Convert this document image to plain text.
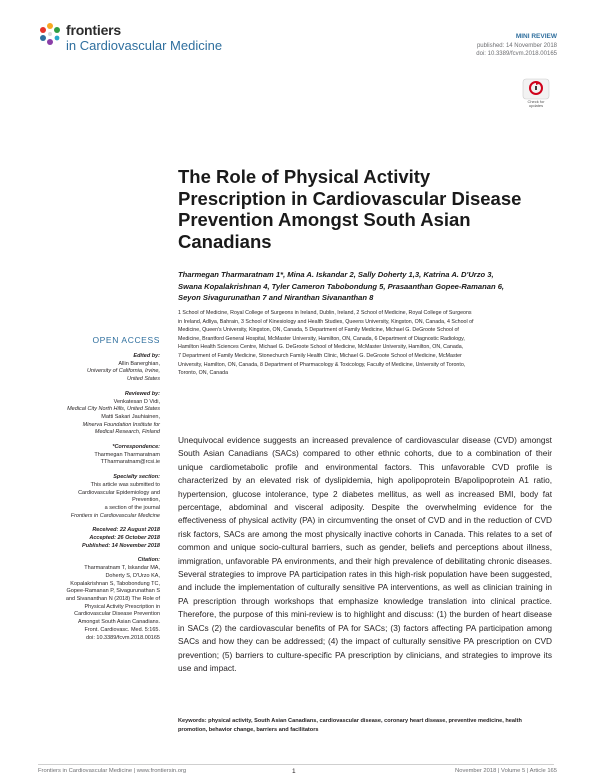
frontiers
in Cardiovascular Medicine
MINI REVIEW
published: 14 November 2018
doi: 10.3389/fcvm.2018.00165
Check for
updates
The Role of Physical Activity Prescription in Cardiovascular Disease Prevention Amongst South Asian Canadians
Tharmegan Tharmaratnam 1*, Mina A. Iskandar 2, Sally Doherty 1,3, Katrina A. D'Urzo 3,
Swana Kopalakrishnan 4, Tyler Cameron Tabobondung 5, Prasaanthan Gopee-Ramanan 6,
Seyon Sivagurunathan 7 and Niranthan Sivananthan 8
1 School of Medicine, Royal College of Surgeons in Ireland, Dublin, Ireland, 2 School of Medicine, Royal College of Surgeons
in Ireland, Adliya, Bahrain, 3 School of Kinesiology and Health Studies, Queens University, Kingston, ON, Canada, 4 School of
Medicine, Queen's University, Kingston, ON, Canada, 5 Department of Family Medicine, Michael G. DeGroote School of
Medicine, Brantford General Hospital, McMaster University, Hamilton, ON, Canada, 6 Department of Diagnostic Radiology,
Hamilton Health Sciences Centre, Michael G. DeGroote School of Medicine, McMaster University, Hamilton, ON, Canada,
7 Department of Family Medicine, Stonechurch Family Health Clinic, Michael G. DeGroote School of Medicine, McMaster
University, Hamilton, ON, Canada, 8 Department of Pharmacology & Toxicology, Faculty of Medicine, University of Toronto,
Toronto, ON, Canada
OPEN ACCESS
Edited by:
Allin Banerghian,
University of California, Irvine,
United States
Reviewed by:
Venkatesan D Vidi,
Medical City North Hills, United States
Matti Sakari Jauhiainen,
Minerva Foundation Institute for
Medical Research, Finland
*Correspondence:
Tharmegan Tharmaratnam
TTharmaratnam@rcsi.ie
Specialty section:
This article was submitted to
Cardiovascular Epidemiology and
Prevention,
a section of the journal
Frontiers in Cardiovascular Medicine
Received: 22 August 2018
Accepted: 26 October 2018
Published: 14 November 2018
Citation:
Tharmaratnam T, Iskandar MA,
Doherty S, D'Urzo KA,
Kopalakrishnan S, Tabobondung TC,
Gopee-Ramanan P, Sivagurunathan S
and Sivananthan N (2018) The Role of
Physical Activity Prescription in
Cardiovascular Disease Prevention
Amongst South Asian Canadians.
Front. Cardiovasc. Med. 5:165.
doi: 10.3389/fcvm.2018.00165
Unequivocal evidence suggests an increased prevalence of cardiovascular disease (CVD) amongst South Asian Canadians (SACs) compared to other ethnic cohorts, due to a combination of their unique cardiometabolic profile and environmental factors. This unfavorable CVD profile is characterized by an elevated risk of dyslipidemia, high apolipoprotein B/apolipoprotein A1 ratio, hypertension, glucose intolerance, type 2 diabetes mellitus, as well as increased BMI, body fat percentage, abdominal and visceral adiposity. Despite the overwhelming evidence for the effectiveness of physical activity (PA) in circumventing the onset of CVD and in the reduction of CVD risk factors, SACs are among the most physically inactive cohorts in Canada. This relates to a set of common and unique socio-cultural barriers, such as gender, beliefs and perceptions about illness, immigration, unfavorable PA environments, and their high prevalence of debilitating chronic diseases. Several strategies to improve PA participation rates in this high-risk population have been suggested, and include the implementation of culturally sensitive PA interventions, as well as clinician training in PA prescription through workshops that emphasize knowledge translation into clinical practice. Therefore, the purpose of this mini-review is to highlight and discuss: (1) the burden of heart disease in SACs (2) the cardiovascular benefits of PA for SACs; (3) factors affecting PA participation among SACs and how they can be addressed; (4) the impact of culturally sensitive PA prescription on CVD prevention; (5) barriers to culture-specific PA prescription by clinicians, and strategies to improve its use and impact.
Keywords: physical activity, South Asian Canadians, cardiovascular disease, coronary heart disease, preventive medicine, health promotion, behavior change, barriers and facilitators
Frontiers in Cardiovascular Medicine | www.frontiersin.org	1	November 2018 | Volume 5 | Article 165
